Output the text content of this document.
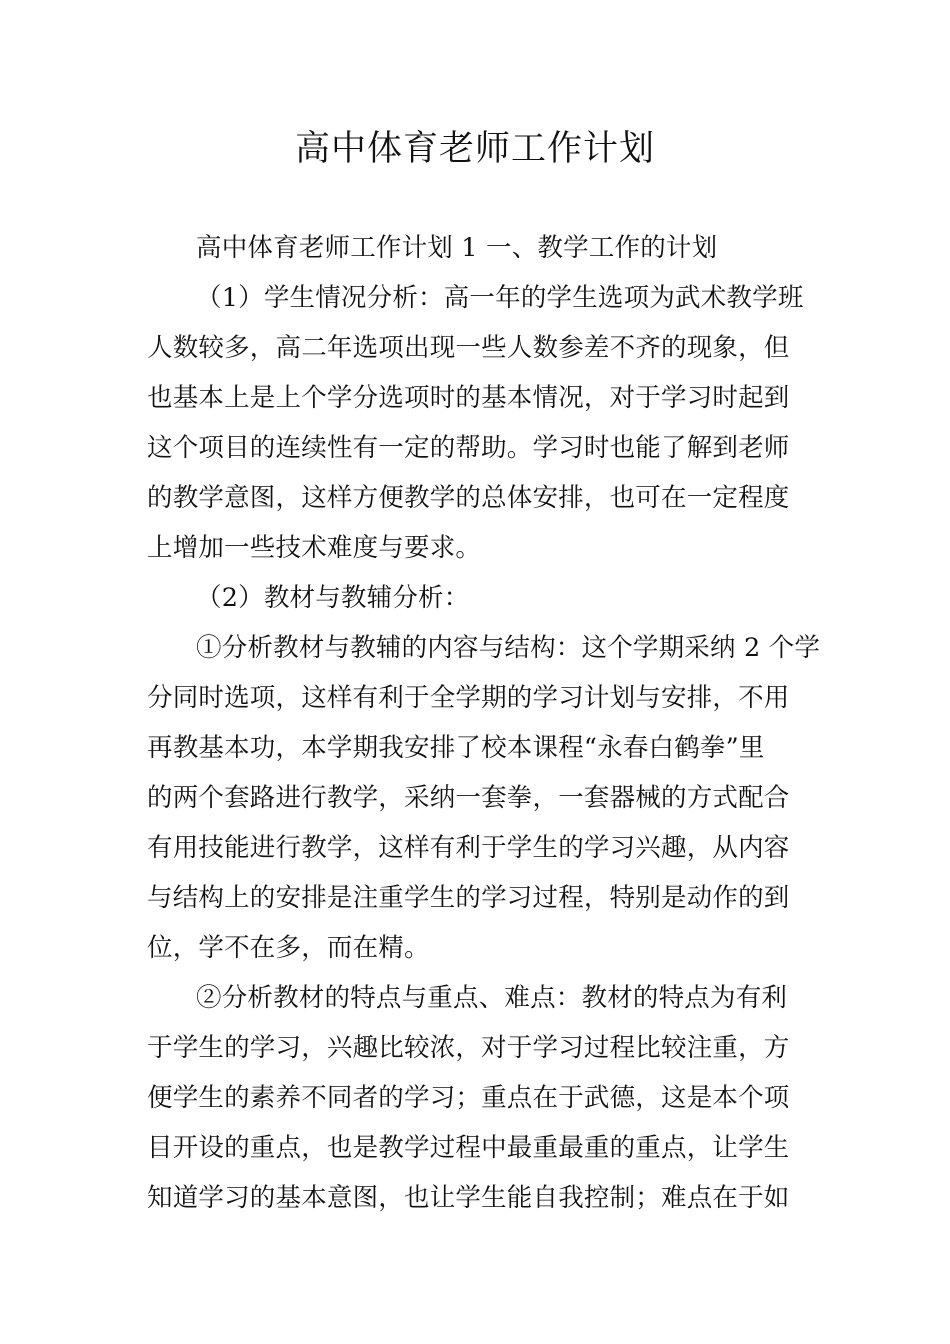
高中体育老师工作计划
高中体育老师工作计划 1 一、教学工作的计划
（1）学生情况分析：高一年的学生选项为武术教学班
人数较多，高二年选项出现一些人数参差不齐的现象，但
也基本上是上个学分选项时的基本情况，对于学习时起到
这个项目的连续性有一定的帮助。学习时也能了解到老师
的教学意图，这样方便教学的总体安排，也可在一定程度
上增加一些技术难度与要求。
（2）教材与教辅分析：
①分析教材与教辅的内容与结构：这个学期采纳 2 个学
分同时选项，这样有利于全学期的学习计划与安排，不用
再教基本功，本学期我安排了校本课程“永春白鹤拳”里
的两个套路进行教学，采纳一套拳，一套器械的方式配合
有用技能进行教学，这样有利于学生的学习兴趣，从内容
与结构上的安排是注重学生的学习过程，特别是动作的到
位，学不在多，而在精。
②分析教材的特点与重点、难点：教材的特点为有利
于学生的学习，兴趣比较浓，对于学习过程比较注重，方
便学生的素养不同者的学习；重点在于武德，这是本个项
目开设的重点，也是教学过程中最重最重的重点，让学生
知道学习的基本意图，也让学生能自我控制；难点在于如
